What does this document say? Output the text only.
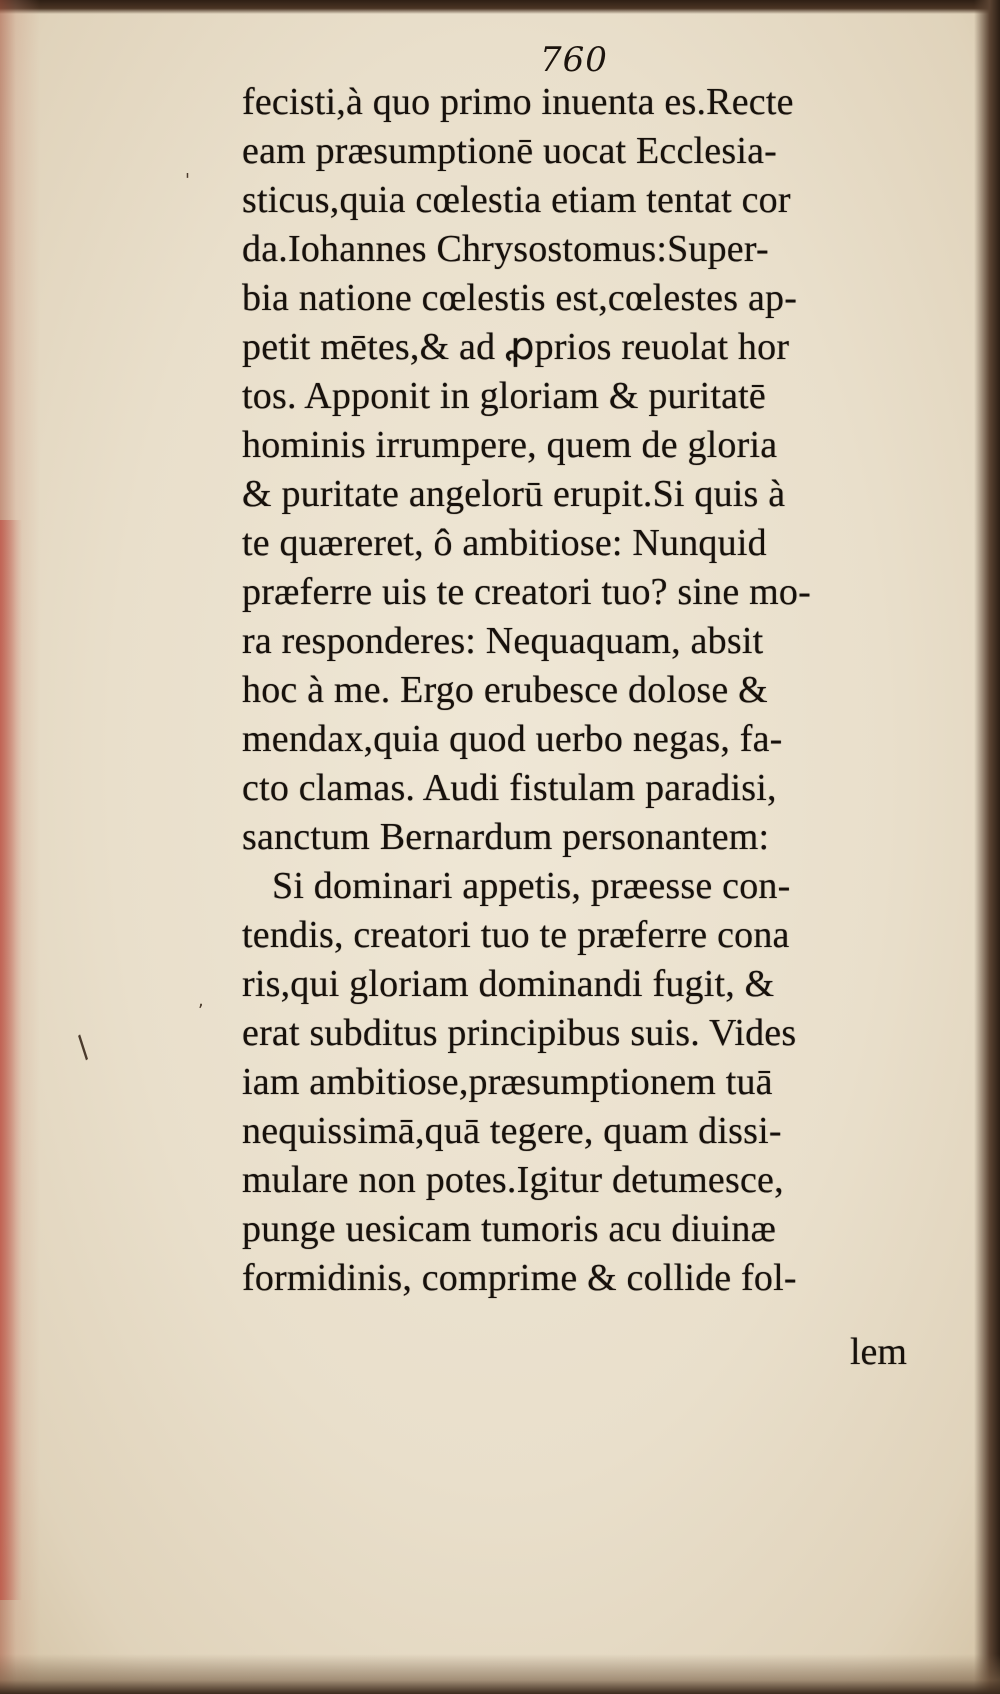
/
'
,
760
fecisti,à quo primo inuenta es.Recte
eam præsumptionē uocat Ecclesia-
sticus,quia cœlestia etiam tentat cor
da.Iohannes Chrysostomus:Super-
bia natione cœlestis est,cœlestes ap-
petit mētes,& ad ꝓprios reuolat hor
tos. Apponit in gloriam & puritatē
hominis irrumpere, quem de gloria
& puritate angelorū erupit.Si quis à
te quæreret, ô ambitiose: Nunquid
præferre uis te creatori tuo? sine mo-
ra responderes: Nequaquam, absit
hoc à me. Ergo erubesce dolose &
mendax,quia quod uerbo negas, fa-
cto clamas. Audi fistulam paradisi,
sanctum Bernardum personantem:
Si dominari appetis, præesse con-
tendis, creatori tuo te præferre cona
ris,qui gloriam dominandi fugit, &
erat subditus principibus suis. Vides
iam ambitiose,præsumptionem tuā
nequissimā,quā tegere, quam dissi-
mulare non potes.Igitur detumesce,
punge uesicam tumoris acu diuinæ
formidinis, comprime & collide fol-
lem
